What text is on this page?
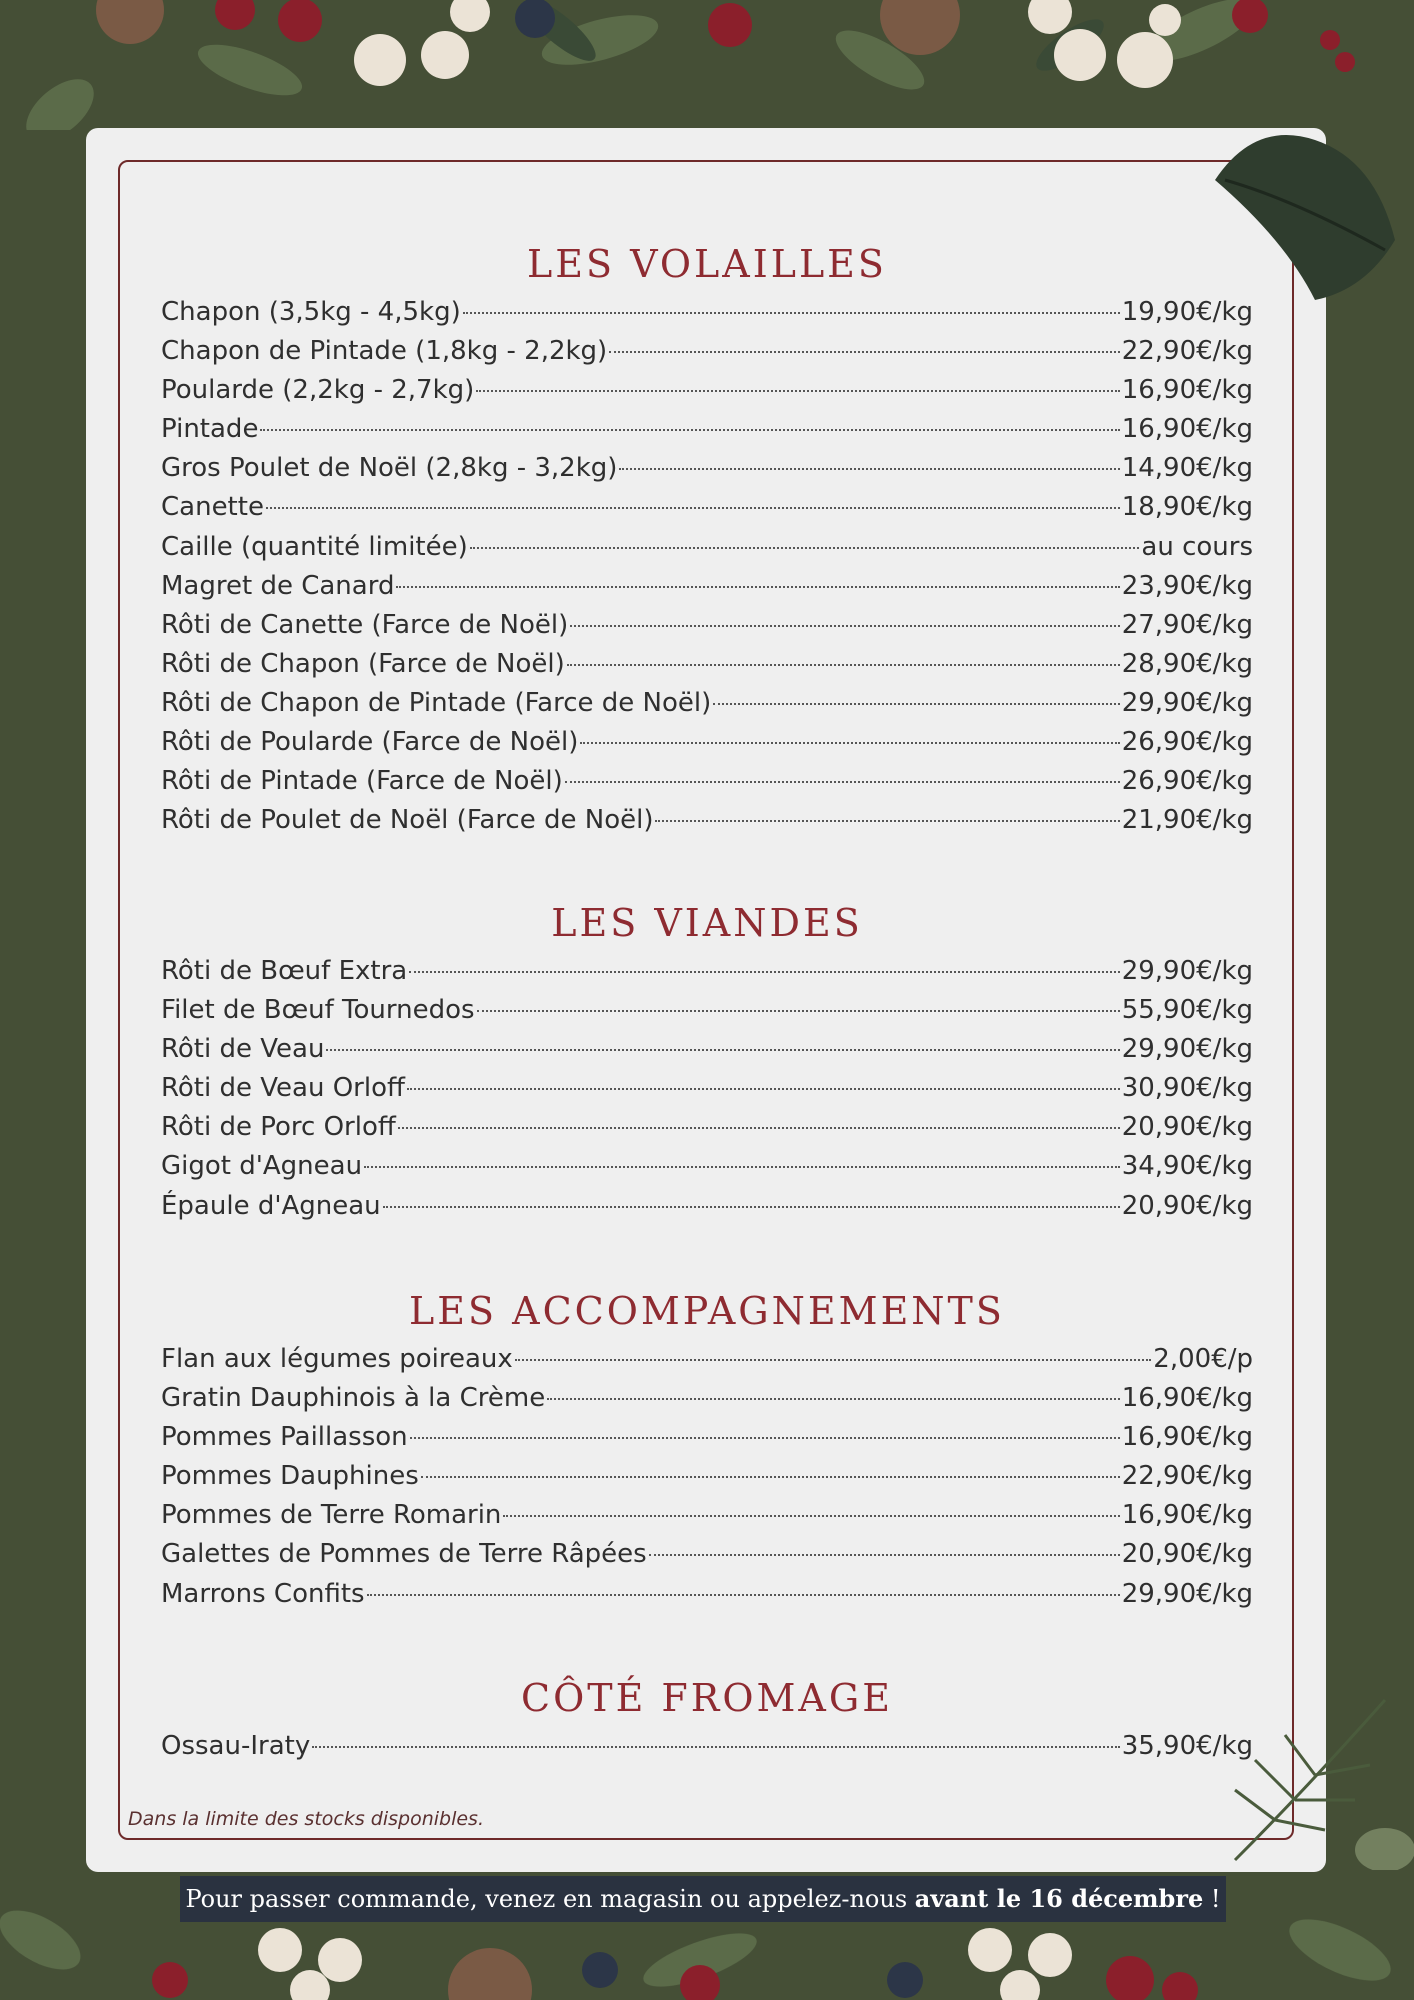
LES VOLAILLES
Chapon (3,5kg - 4,5kg)	19,90€/kg
Chapon de Pintade (1,8kg - 2,2kg)	22,90€/kg
Poularde (2,2kg - 2,7kg)	16,90€/kg
Pintade	16,90€/kg
Gros Poulet de Noël (2,8kg - 3,2kg)	14,90€/kg
Canette	18,90€/kg
Caille (quantité limitée)	au cours
Magret de Canard	23,90€/kg
Rôti de Canette (Farce de Noël)	27,90€/kg
Rôti de Chapon (Farce de Noël)	28,90€/kg
Rôti de Chapon de Pintade (Farce de Noël)	29,90€/kg
Rôti de Poularde (Farce de Noël)	26,90€/kg
Rôti de Pintade (Farce de Noël)	26,90€/kg
Rôti de Poulet de Noël (Farce de Noël)	21,90€/kg
LES VIANDES
Rôti de Bœuf Extra	29,90€/kg
Filet de Bœuf Tournedos	55,90€/kg
Rôti de Veau	29,90€/kg
Rôti de Veau Orloff	30,90€/kg
Rôti de Porc Orloff	20,90€/kg
Gigot d'Agneau	34,90€/kg
Épaule d'Agneau	20,90€/kg
LES ACCOMPAGNEMENTS
Flan aux légumes poireaux	2,00€/p
Gratin Dauphinois à la Crème	16,90€/kg
Pommes Paillasson	16,90€/kg
Pommes Dauphines	22,90€/kg
Pommes de Terre Romarin	16,90€/kg
Galettes de Pommes de Terre Râpées	20,90€/kg
Marrons Confits	29,90€/kg
CÔTÉ FROMAGE
Ossau-Iraty	35,90€/kg
Dans la limite des stocks disponibles.
Pour passer commande, venez en magasin ou appelez-nous avant le 16 décembre !
